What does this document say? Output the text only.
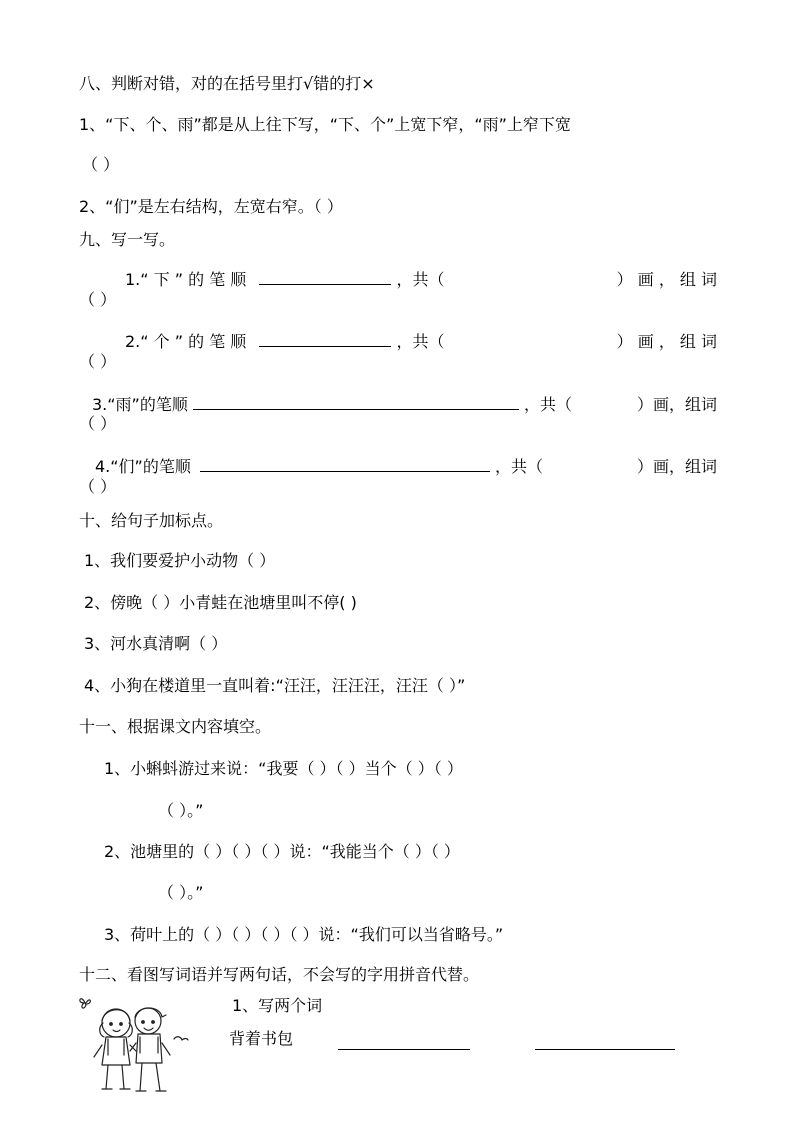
八、判断对错，对的在括号里打√错的打×
1、“下、个、雨”都是从上往下写，“下、个”上宽下窄，“雨”上窄下宽
（ ）
2、“们”是左右结构，左宽右窄。（ ）
九、写一写。
1.“ 下 ” 的 笔 顺	，共（	） 画 ， 组 词
（ ）
2.“ 个 ” 的 笔 顺	，共（	） 画 ， 组 词
（ ）
3.“雨”的笔顺	，共（	）画，组词
（ ）
4.“们”的笔顺	，共（	）画，组词
（ ）
十、给句子加标点。
1、我们要爱护小动物（ ）
2、傍晚（ ）小青蛙在池塘里叫不停( )
3、河水真清啊（ ）
4、小狗在楼道里一直叫着:“汪汪，汪汪汪，汪汪（ ）”
十一、根据课文内容填空。
1、小蝌蚪游过来说：“我要（ ）（ ）当个（ ）（ ）
（ ）。”
2、池塘里的（ ）（ ）（ ）说：“我能当个（ ）（ ）
（ ）。”
3、荷叶上的（ ）（ ）（ ）（ ）说：“我们可以当省略号。”
十二、看图写词语并写两句话，不会写的字用拼音代替。
1、写两个词
背着书包
